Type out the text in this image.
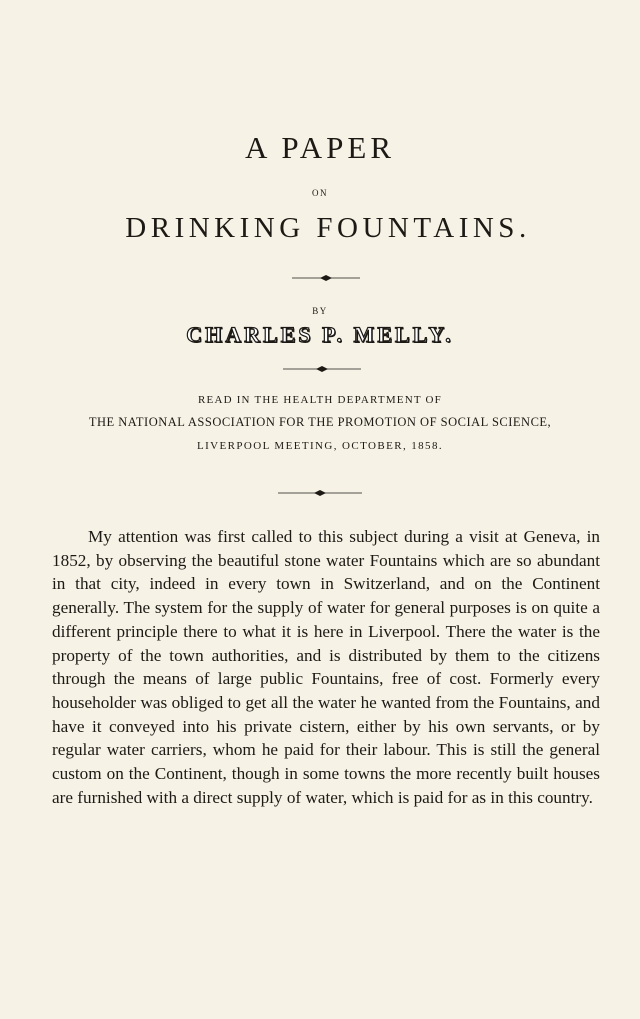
A PAPER
ON
DRINKING FOUNTAINS.
BY
CHARLES P. MELLY.
READ IN THE HEALTH DEPARTMENT OF
THE NATIONAL ASSOCIATION FOR THE PROMOTION OF SOCIAL SCIENCE,
LIVERPOOL MEETING, OCTOBER, 1858.

My attention was first called to this subject during a visit at Geneva, in 1852, by observing the beautiful stone water Fountains which are so abundant in that city, indeed in every town in Switzerland, and on the Continent generally. The system for the supply of water for general purposes is on quite a different principle there to what it is here in Liverpool. There the water is the property of the town authorities, and is distributed by them to the citizens through the means of large public Fountains, free of cost. Formerly every householder was obliged to get all the water he wanted from the Fountains, and have it conveyed into his private cistern, either by his own servants, or by regular water carriers, whom he paid for their labour. This is still the general custom on the Continent, though in some towns the more recently built houses are furnished with a direct supply of water, which is paid for as in this country.
